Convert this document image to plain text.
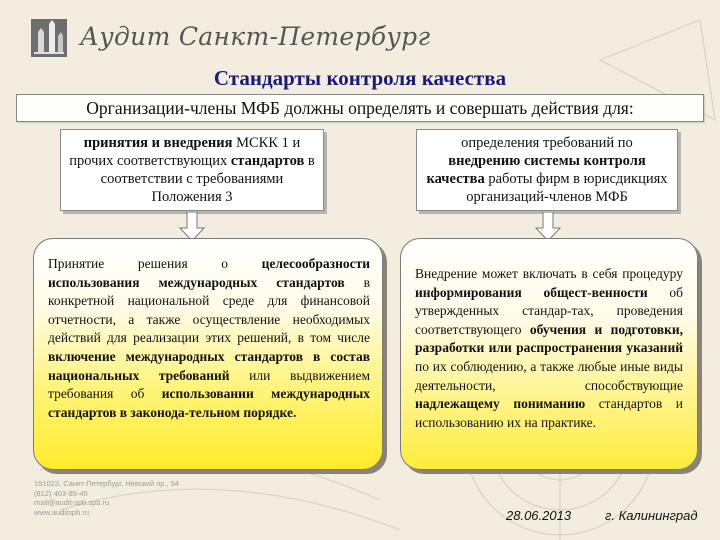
Аудит Санкт-Петербург
Стандарты контроля качества
Организации-члены МФБ должны определять и совершать действия для:
принятия и внедрения МСКК 1 и прочих соответствующих стандартов в соответствии с требованиями Положения 3
определения требований по внедрению системы контроля качества работы фирм в юрисдикциях организаций-членов МФБ
Принятие решения о целесообразности использования международных стандартов в конкретной национальной среде для финансовой отчетности, а также осуществление необходимых действий для реализации этих решений, в том числе включение международных стандартов в состав национальных требований или выдвижением требования об использовании международных стандартов в законода-тельном порядке.
Внедрение может включать в себя процедуру информирования общест-венности об утвержденных стандар-тах, проведения соответствующего обучения и подготовки, разработки или распространения указаний по их соблюдению, а также любые иные виды деятельности, способствующие надлежащему пониманию стандартов и использованию их на практике.
191023, Санкт-Петербург, Невский пр., 54
(812) 403-85-45
mail@audit-spb.spb.ru
www.auditspb.ru	28.06.2013	г. Калининград
